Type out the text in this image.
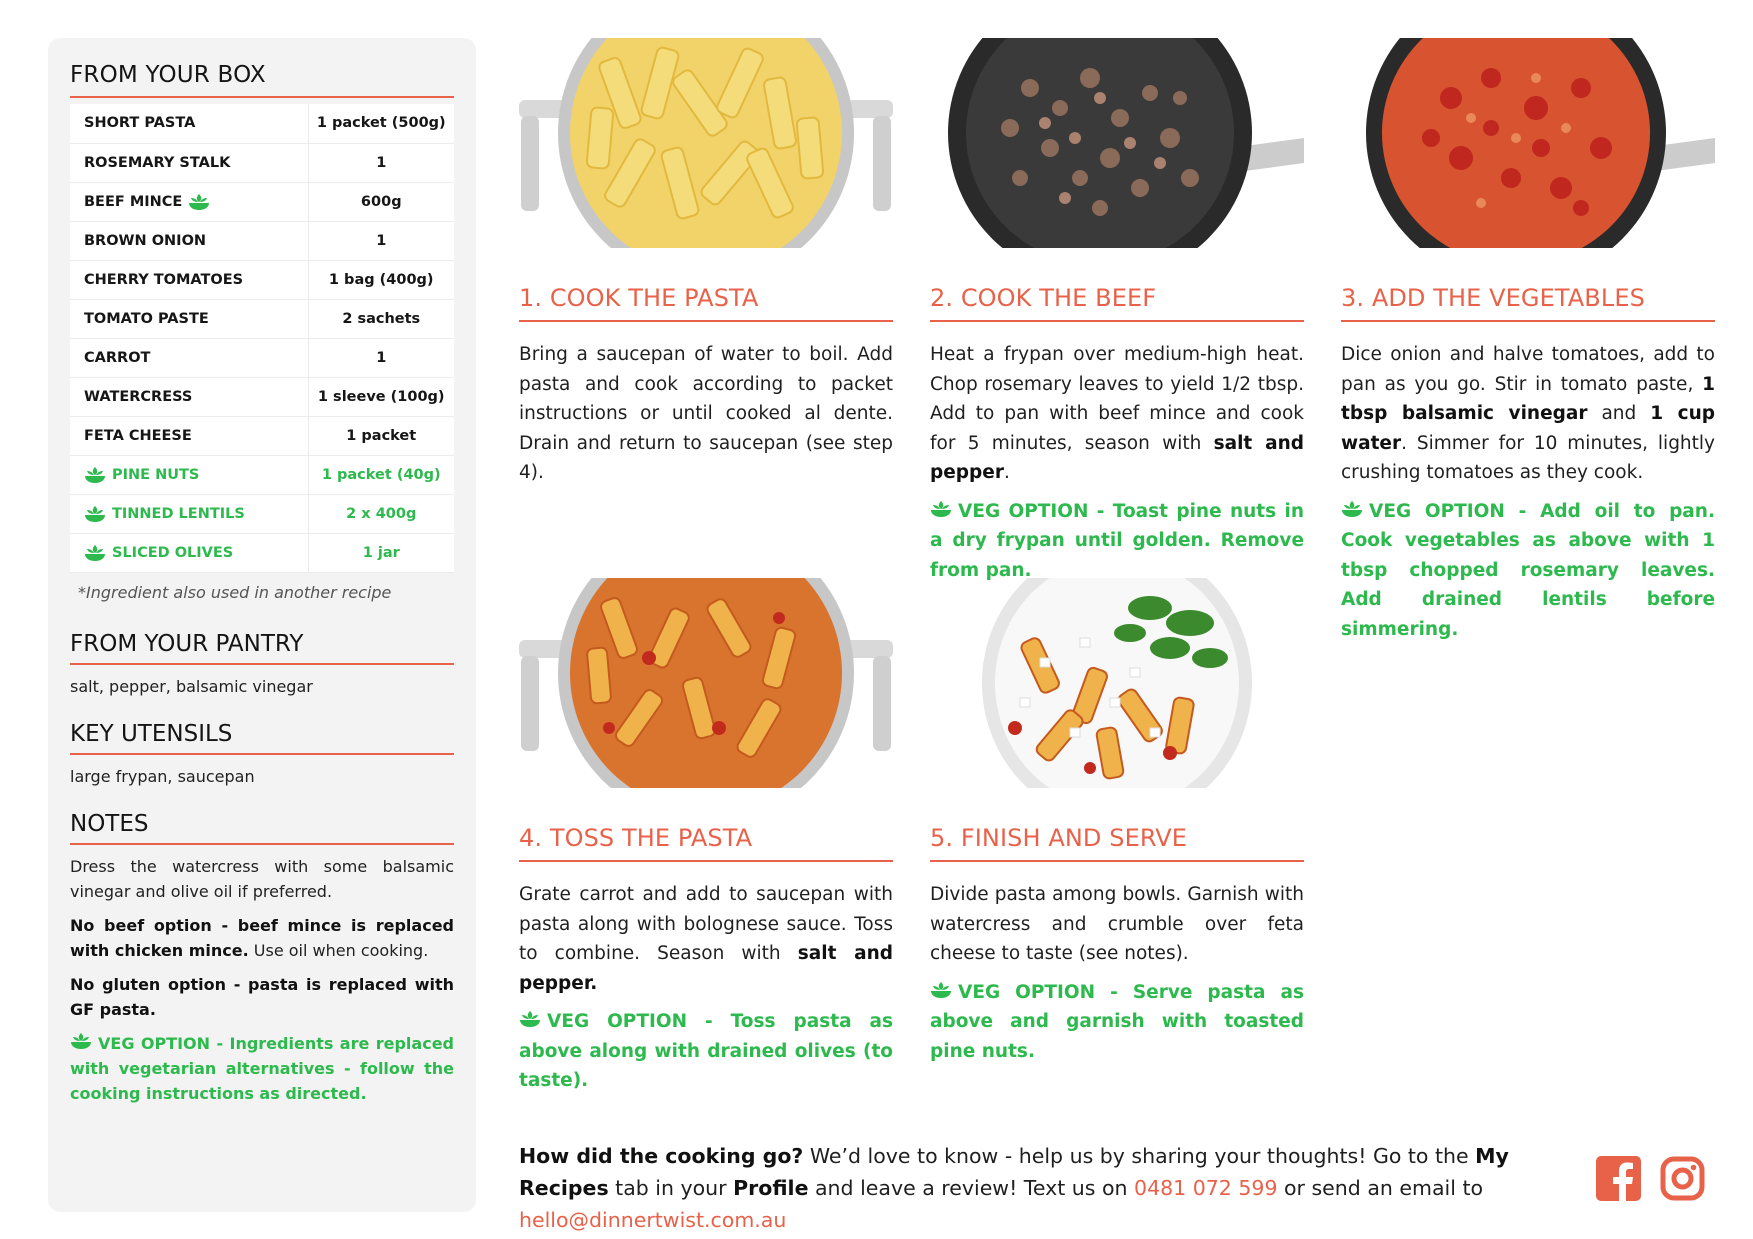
FROM YOUR BOX
SHORT PASTA	1 packet (500g)

ROSEMARY STALK	1

BEEF MINCE	600g

BROWN ONION	1

CHERRY TOMATOES	1 bag (400g)

TOMATO PASTE	2 sachets

CARROT	1

WATERCRESS	1 sleeve (100g)

FETA CHEESE	1 packet

PINE NUTS	1 packet (40g)

TINNED LENTILS	2 x 400g

SLICED OLIVES	1 jar
*Ingredient also used in another recipe
FROM YOUR PANTRY
salt, pepper, balsamic vinegar
KEY UTENSILS
large frypan, saucepan
NOTES

Dress the watercress with some balsamic vinegar and olive oil if preferred.

No beef option - beef mince is replaced with chicken mince. Use oil when cooking.

No gluten option - pasta is replaced with GF pasta.

VEG OPTION - Ingredients are replaced with vegetarian alternatives - follow the cooking instructions as directed.

1. COOK THE PASTA
Bring a saucepan of water to boil. Add pasta and cook according to packet instructions or until cooked al dente. Drain and return to saucepan (see step 4).
2. COOK THE BEEF
Heat a frypan over medium-high heat. Chop rosemary leaves to yield 1/2 tbsp. Add to pan with beef mince and cook for 5 minutes, season with salt and pepper.
VEG OPTION - Toast pine nuts in a dry frypan until golden. Remove from pan.
3. ADD THE VEGETABLES
Dice onion and halve tomatoes, add to pan as you go. Stir in tomato paste, 1 tbsp balsamic vinegar and 1 cup water. Simmer for 10 minutes, lightly crushing tomatoes as they cook.
VEG OPTION - Add oil to pan. Cook vegetables as above with 1 tbsp chopped rosemary leaves. Add drained lentils before simmering.
4. TOSS THE PASTA
Grate carrot and add to saucepan with pasta along with bolognese sauce. Toss to combine. Season with salt and pepper.
VEG OPTION - Toss pasta as above along with drained olives (to taste).
5. FINISH AND SERVE
Divide pasta among bowls. Garnish with watercress and crumble over feta cheese to taste (see notes).
VEG OPTION - Serve pasta as above and garnish with toasted pine nuts.
How did the cooking go? We’d love to know - help us by sharing your thoughts! Go to the My Recipes tab in your Profile and leave a review! Text us on 0481 072 599 or send an email to hello@dinnertwist.com.au
